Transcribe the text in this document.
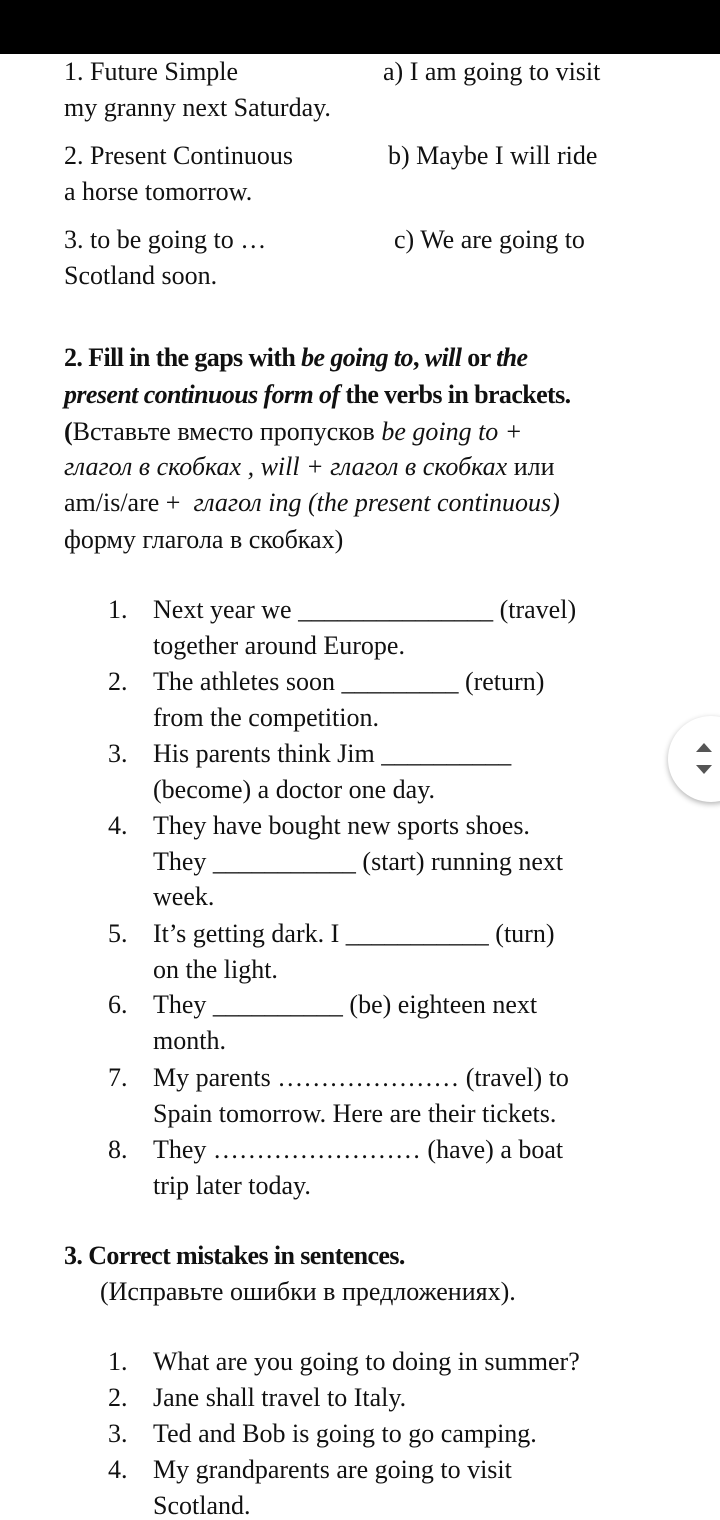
1. Future Simple	a) I am going to visit
my granny next Saturday.
2. Present Continuous	b) Maybe I will ride
a horse tomorrow.
3. to be going to …	c) We are going to
Scotland soon.
2. Fill in the gaps with be going to, will or the
present continuous form of the verbs in brackets.
(Вставьте вместо пропусков be going to +
глагол в скобках , will + глагол в скобках или
am/is/are +  глагол ing (the present continuous)
форму глагола в скобках)
1. Next year we _______________ (travel)
together around Europe.
2. The athletes soon _________ (return)
from the competition.
3. His parents think Jim __________
(become) a doctor one day.
4. They have bought new sports shoes.
They ___________ (start) running next
week.
5. It’s getting dark. I ___________ (turn)
on the light.
6. They __________ (be) eighteen next
month.
7. My parents ………………… (travel) to
Spain tomorrow. Here are their tickets.
8. They …………………… (have) a boat
trip later today.
3. Correct mistakes in sentences.
(Исправьте ошибки в предложениях).
1. What are you going to doing in summer?
2. Jane shall travel to Italy.
3. Ted and Bob is going to go camping.
4. My grandparents are going to visit
Scotland.
